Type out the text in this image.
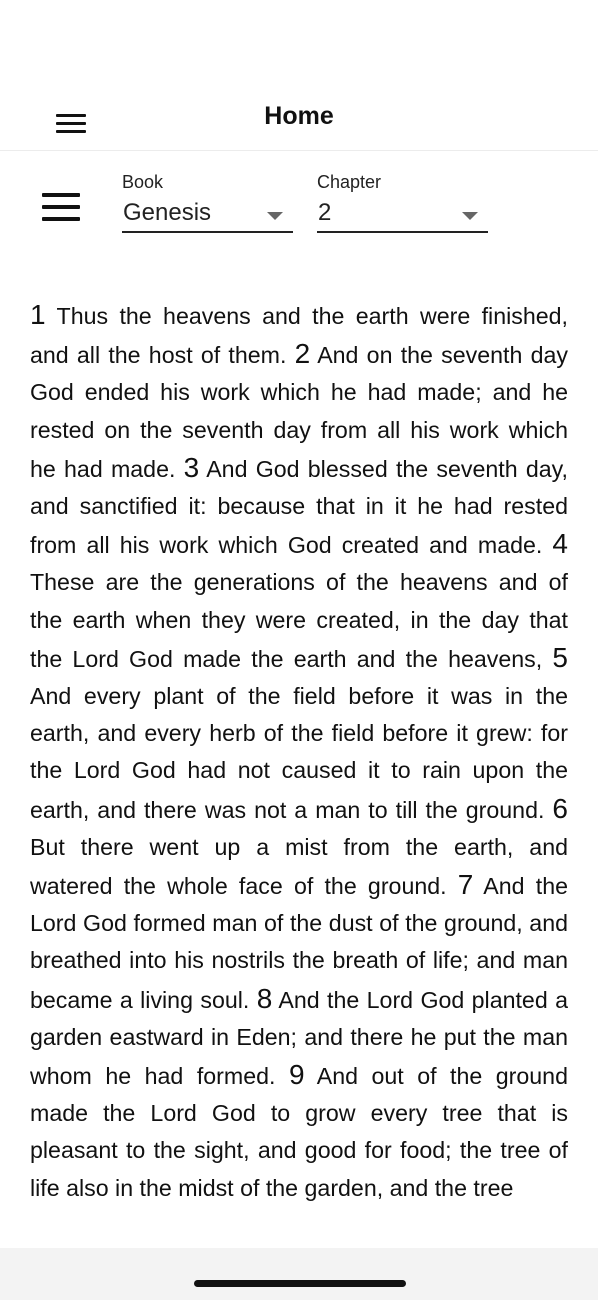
Home
Book
Genesis
Chapter
2
1 Thus the heavens and the earth were finished, and all the host of them. 2 And on the seventh day God ended his work which he had made; and he rested on the seventh day from all his work which he had made. 3 And God blessed the seventh day, and sanctified it: because that in it he had rested from all his work which God created and made. 4 These are the generations of the heavens and of the earth when they were created, in the day that the Lord God made the earth and the heavens, 5 And every plant of the field before it was in the earth, and every herb of the field before it grew: for the Lord God had not caused it to rain upon the earth, and there was not a man to till the ground. 6 But there went up a mist from the earth, and watered the whole face of the ground. 7 And the Lord God formed man of the dust of the ground, and breathed into his nostrils the breath of life; and man became a living soul. 8 And the Lord God planted a garden eastward in Eden; and there he put the man whom he had formed. 9 And out of the ground made the Lord God to grow every tree that is pleasant to the sight, and good for food; the tree of life also in the midst of the garden, and the tree
